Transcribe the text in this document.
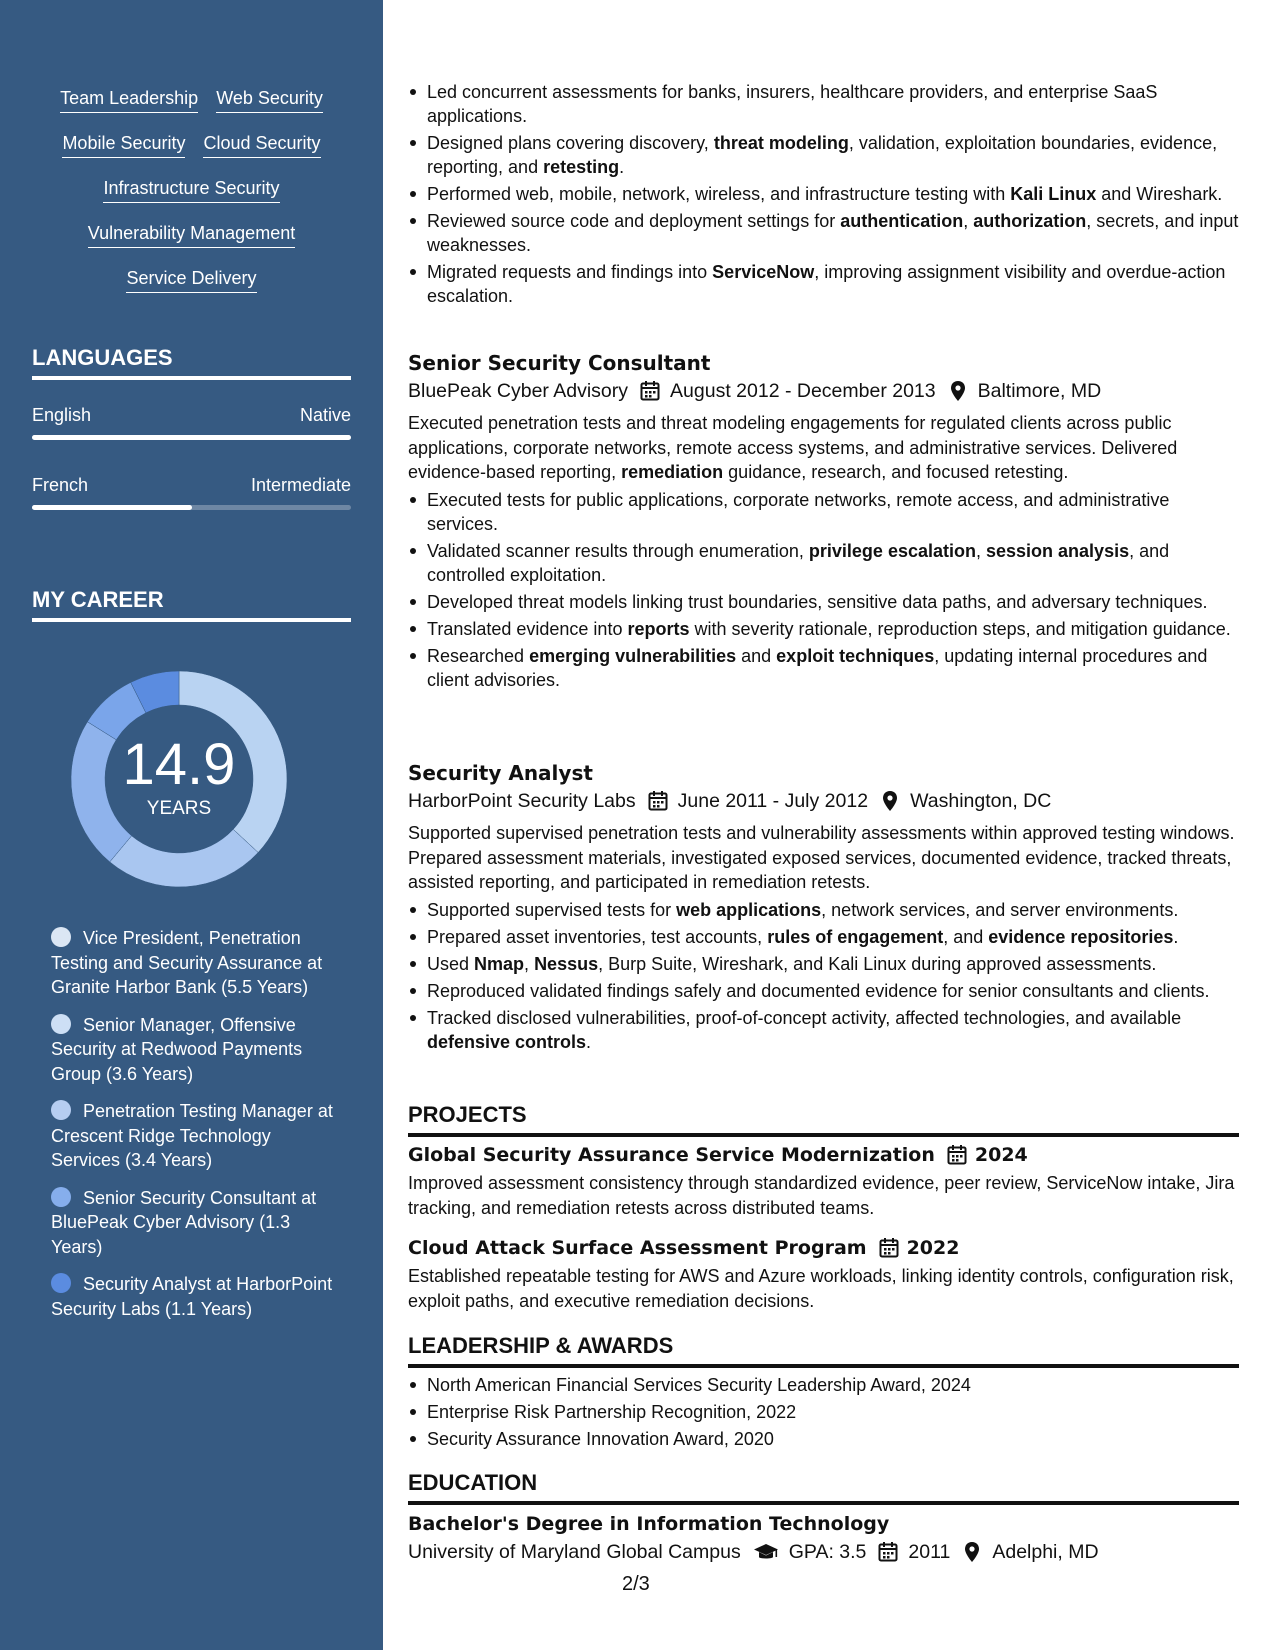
Team Leadership Web Security
Mobile Security Cloud Security
Infrastructure Security
Vulnerability Management
Service Delivery
LANGUAGES
English	Native
French	Intermediate
MY CAREER
14.9
YEARS
Vice President, Penetration Testing and Security Assurance at Granite Harbor Bank (5.5 Years)
Senior Manager, Offensive Security at Redwood Payments Group (3.6 Years)
Penetration Testing Manager at Crescent Ridge Technology Services (3.4 Years)
Senior Security Consultant at BluePeak Cyber Advisory (1.3 Years)
Security Analyst at HarborPoint Security Labs (1.1 Years)
Led concurrent assessments for banks, insurers, healthcare providers, and enterprise SaaS applications.
Designed plans covering discovery, threat modeling, validation, exploitation boundaries, evidence, reporting, and retesting.
Performed web, mobile, network, wireless, and infrastructure testing with Kali Linux and Wireshark.
Reviewed source code and deployment settings for authentication, authorization, secrets, and input weaknesses.
Migrated requests and findings into ServiceNow, improving assignment visibility and overdue-action escalation.
Senior Security Consultant
BluePeak Cyber Advisory August 2012 - December 2013 Baltimore, MD
Executed penetration tests and threat modeling engagements for regulated clients across public applications, corporate networks, remote access systems, and administrative services. Delivered evidence-based reporting, remediation guidance, research, and focused retesting.
Executed tests for public applications, corporate networks, remote access, and administrative services.
Validated scanner results through enumeration, privilege escalation, session analysis, and controlled exploitation.
Developed threat models linking trust boundaries, sensitive data paths, and adversary techniques.
Translated evidence into reports with severity rationale, reproduction steps, and mitigation guidance.
Researched emerging vulnerabilities and exploit techniques, updating internal procedures and client advisories.
Security Analyst
HarborPoint Security Labs June 2011 - July 2012 Washington, DC
Supported supervised penetration tests and vulnerability assessments within approved testing windows. Prepared assessment materials, investigated exposed services, documented evidence, tracked threats, assisted reporting, and participated in remediation retests.
Supported supervised tests for web applications, network services, and server environments.
Prepared asset inventories, test accounts, rules of engagement, and evidence repositories.
Used Nmap, Nessus, Burp Suite, Wireshark, and Kali Linux during approved assessments.
Reproduced validated findings safely and documented evidence for senior consultants and clients.
Tracked disclosed vulnerabilities, proof-of-concept activity, affected technologies, and available defensive controls.
PROJECTS
Global Security Assurance Service Modernization 2024
Improved assessment consistency through standardized evidence, peer review, ServiceNow intake, Jira tracking, and remediation retests across distributed teams.
Cloud Attack Surface Assessment Program 2022
Established repeatable testing for AWS and Azure workloads, linking identity controls, configuration risk, exploit paths, and executive remediation decisions.
LEADERSHIP & AWARDS
North American Financial Services Security Leadership Award, 2024
Enterprise Risk Partnership Recognition, 2022
Security Assurance Innovation Award, 2020
EDUCATION
Bachelor's Degree in Information Technology
University of Maryland Global Campus GPA: 3.5 2011 Adelphi, MD
2/3
